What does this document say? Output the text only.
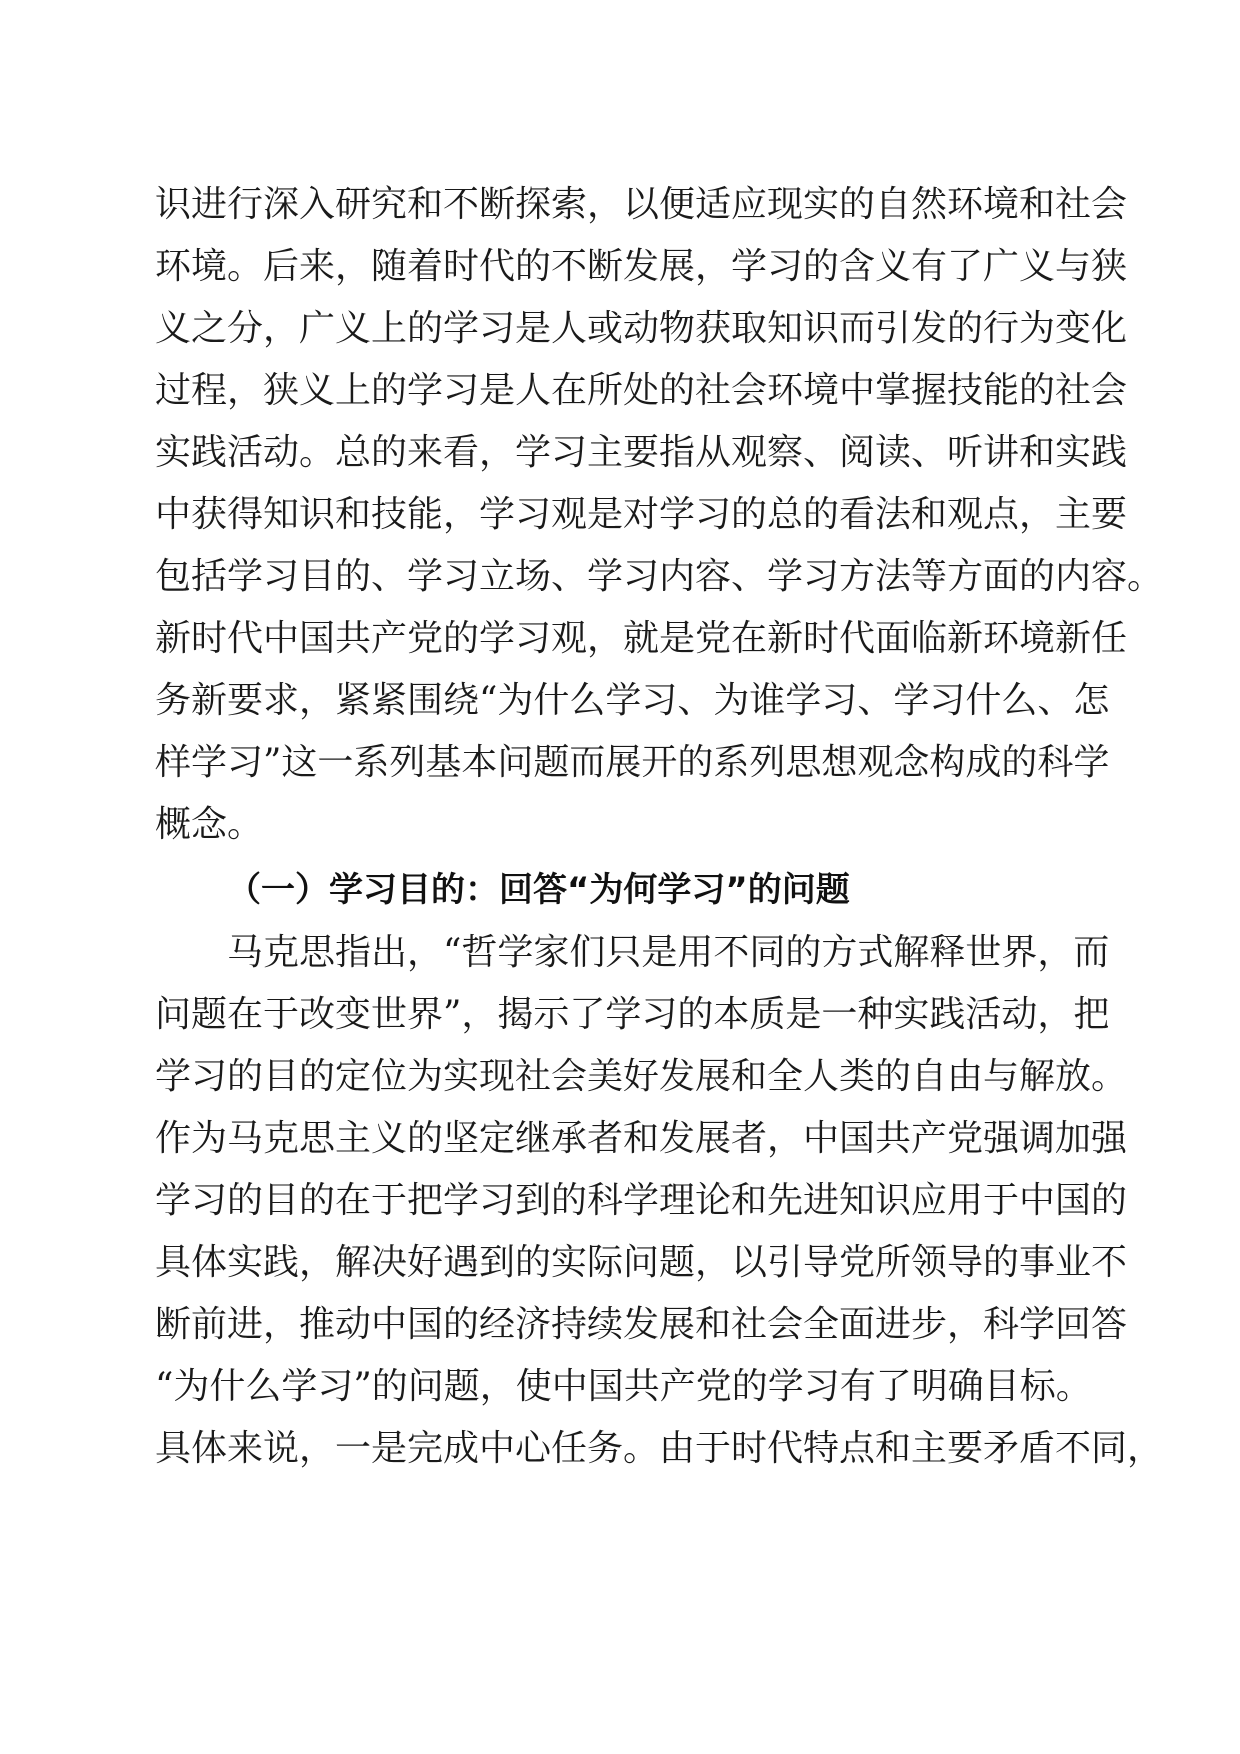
识进行深入研究和不断探索，以便适应现实的自然环境和社会
环境。后来，随着时代的不断发展，学习的含义有了广义与狭
义之分，广义上的学习是人或动物获取知识而引发的行为变化
过程，狭义上的学习是人在所处的社会环境中掌握技能的社会
实践活动。总的来看，学习主要指从观察、阅读、听讲和实践
中获得知识和技能，学习观是对学习的总的看法和观点，主要
包括学习目的、学习立场、学习内容、学习方法等方面的内容。
新时代中国共产党的学习观，就是党在新时代面临新环境新任
务新要求，紧紧围绕“为什么学习、为谁学习、学习什么、怎
样学习”这一系列基本问题而展开的系列思想观念构成的科学
概念。
（一）学习目的：回答“为何学习”的问题
马克思指出，“哲学家们只是用不同的方式解释世界，而
问题在于改变世界”，揭示了学习的本质是一种实践活动，把
学习的目的定位为实现社会美好发展和全人类的自由与解放。
作为马克思主义的坚定继承者和发展者，中国共产党强调加强
学习的目的在于把学习到的科学理论和先进知识应用于中国的
具体实践，解决好遇到的实际问题，以引导党所领导的事业不
断前进，推动中国的经济持续发展和社会全面进步，科学回答
“为什么学习”的问题，使中国共产党的学习有了明确目标。
具体来说，一是完成中心任务。由于时代特点和主要矛盾不同，
